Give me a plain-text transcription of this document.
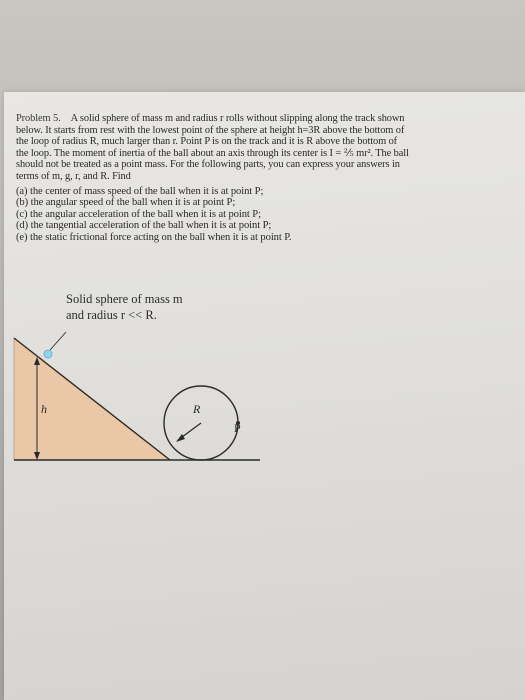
Problem 5. A solid sphere of mass m and radius r rolls without slipping along the track shown

below. It starts from rest with the lowest point of the sphere at height h=3R above the bottom of

the loop of radius R, much larger than r. Point P is on the track and it is R above the bottom of

the loop. The moment of inertia of the ball about an axis through its center is I = ⅖ mr². The ball

should not be treated as a point mass. For the following parts, you can express your answers in

terms of m, g, r, and R. Find

(a) the center of mass speed of the ball when it is at point P;
(b) the angular speed of the ball when it is at point P;
(c) the angular acceleration of the ball when it is at point P;
(d) the tangential acceleration of the ball when it is at point P;
(e) the static frictional force acting on the ball when it is at point P.
Solid sphere of mass m
and radius r << R.
h	R
P
